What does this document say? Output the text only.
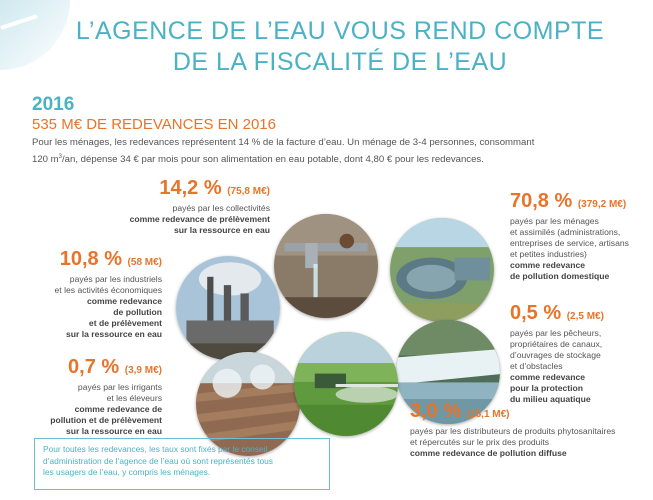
L’AGENCE DE L’EAU VOUS REND COMPTE
DE LA FISCALITÉ DE L’EAU
2016
535 M€ DE REDEVANCES EN 2016
Pour les ménages, les redevances représentent 14 % de la facture d’eau. Un ménage de 3-4 personnes, consommant
120 $m^3/an$, dépense 34 € par mois pour son alimentation en eau potable, dont 4,80 € pour les redevances.
14,2 % (75,8 M€)
payés par les collectivités
comme redevance de prélèvement
sur la ressource en eau
70,8 % (379,2 M€)
payés par les ménages
et assimilés (administrations,
entreprises de service, artisans
et petites industries)
comme redevance
de pollution domestique
10,8 % (58 M€)
payés par les industriels
et les activités économiques
comme redevance
de pollution
et de prélèvement
sur la ressource en eau
0,5 % (2,5 M€)
payés par les pêcheurs,
propriétaires de canaux,
d’ouvrages de stockage
et d’obstacles
comme redevance
pour la protection
du milieu aquatique
0,7 % (3,9 M€)
payés par les irrigants
et les éleveurs
comme redevance de
pollution et de prélèvement
sur la ressource en eau
3,0 % (16,1 M€)
payés par les distributeurs de produits phytosanitaires
et répercutés sur le prix des produits
comme redevance de pollution diffuse
Pour toutes les redevances, les taux sont fixés par le conseil
d’administration de l’agence de l’eau où sont représentés tous
les usagers de l’eau, y compris les ménages.
